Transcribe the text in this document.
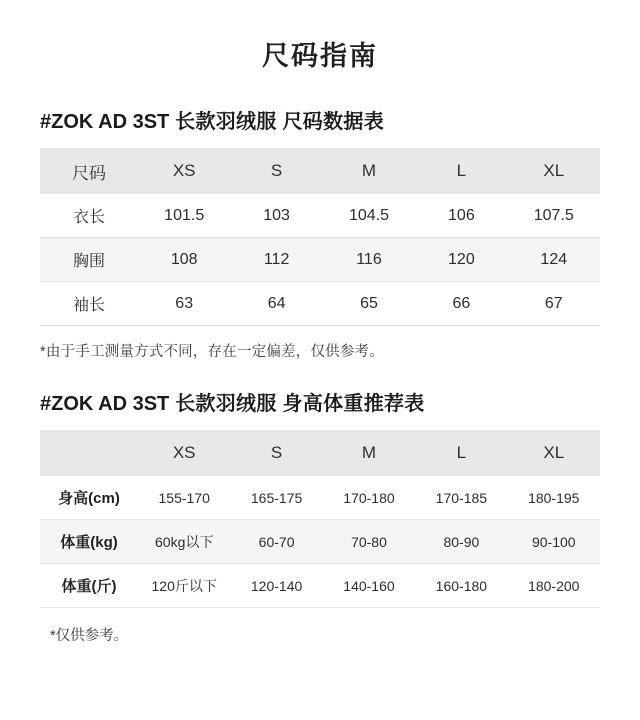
尺码指南
#ZOK AD 3ST 长款羽绒服 尺码数据表
尺码	XS	S	M	L	XL
衣长	101.5	103	104.5	106	107.5
胸围	108	112	116	120	124
袖长	63	64	65	66	67
*由于手工测量方式不同，存在一定偏差，仅供参考。
#ZOK AD 3ST 长款羽绒服 身高体重推荐表
	XS	S	M	L	XL
身高(cm)	155-170	165-175	170-180	170-185	180-195
体重(kg)	60kg以下	60-70	70-80	80-90	90-100
体重(斤)	120斤以下	120-140	140-160	160-180	180-200
*仅供参考。
